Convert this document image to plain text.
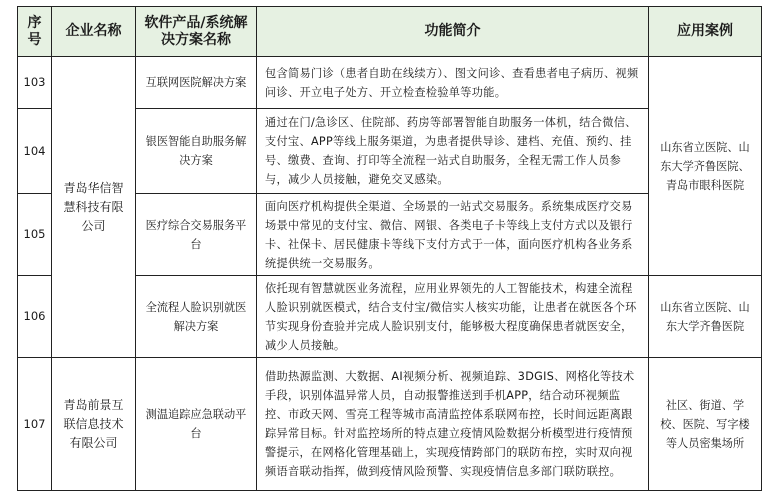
序号	企业名称	软件产品/系统解决方案名称	功能简介	应用案例
103	青岛华信智慧科技有限公司	互联网医院解决方案	包含简易门诊（患者自助在线续方）、图文问诊、查看患者电子病历、视频问诊、开立电子处方、开立检查检验单等功能。	山东省立医院、山东大学齐鲁医院、青岛市眼科医院
104		银医智能自助服务解决方案	通过在门/急诊区、住院部、药房等部署智能自助服务一体机，结合微信、支付宝、APP等线上服务渠道，为患者提供导诊、建档、充值、预约、挂号、缴费、查询、打印等全流程一站式自助服务，全程无需工作人员参与，减少人员接触，避免交叉感染。	
105		医疗综合交易服务平台	面向医疗机构提供全渠道、全场景的一站式交易服务。系统集成医疗交易场景中常见的支付宝、微信、网银、各类电子卡等线上支付方式以及银行卡、社保卡、居民健康卡等线下支付方式于一体，面向医疗机构各业务系统提供统一交易服务。	
106		全流程人脸识别就医解决方案	依托现有智慧就医业务流程，应用业界领先的人工智能技术，构建全流程人脸识别就医模式，结合支付宝/微信实人核实功能，让患者在就医各个环节实现身份查验并完成人脸识别支付，能够极大程度确保患者就医安全，减少人员接触。	山东省立医院、山东大学齐鲁医院
107	青岛前景互联信息技术有限公司	测温追踪应急联动平台	借助热源监测、大数据、AI视频分析、视频追踪、3DGIS、网格化等技术手段，识别体温异常人员，自动报警推送到手机APP，结合动环视频监控、市政天网、雪亮工程等城市高清监控体系联网布控，长时间远距离跟踪异常目标。针对监控场所的特点建立疫情风险数据分析模型进行疫情预警提示，在网格化管理基础上，实现疫情跨部门的联防布控，实时双向视频语音联动指挥，做到疫情风险预警、实现疫情信息多部门联防联控。	社区、街道、学校、医院、写字楼等人员密集场所
